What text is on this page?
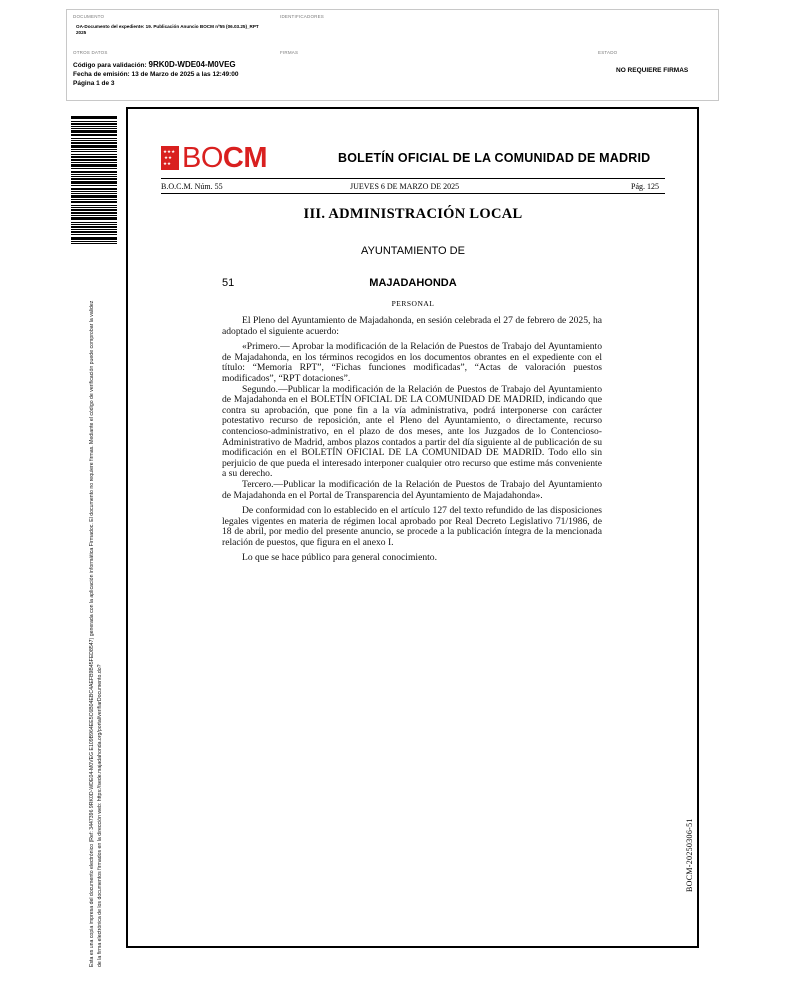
DOCUMENTO
OA-Documento del expediente: 19. Publicación Anuncio BOCM nº55 (06.03.25)_RPT 2025
IDENTIFICADORES
OTROS DATOS
Código para validación: 9RK0D-WDE04-M0VEG
Fecha de emisión: 13 de Marzo de 2025 a las 12:49:00
Página 1 de 3
FIRMAS	ESTADO
NO REQUIERE FIRMAS
Esta es una copia impresa del documento electrónico (Ref: 3447396 9RK0D-WDE04-M0VEG E109B964EE5C6B04EBC4AEFB9B45FED8547) generada con la aplicación informática Firmadoc. El documento no requiere firmas. Mediante el código de verificación puede comprobar la validez de la firma electrónica de los documentos firmados en la dirección web: https://sede.majadahonda.org/portal/verifiarDocumento.do?
★★★
★★
★★ BOCM	BOLETÍN OFICIAL DE LA COMUNIDAD DE MADRID
B.O.C.M. Núm. 55	JUEVES 6 DE MARZO DE 2025	Pág. 125
III. ADMINISTRACIÓN LOCAL
AYUNTAMIENTO DE
51	MAJADAHONDA
PERSONAL

El Pleno del Ayuntamiento de Majadahonda, en sesión celebrada el 27 de febrero de 2025, ha adoptado el siguiente acuerdo:

«Primero.— Aprobar la modificación de la Relación de Puestos de Trabajo del Ayuntamiento de Majadahonda, en los términos recogidos en los documentos obrantes en el expediente con el título: “Memoria RPT”, “Fichas funciones modificadas”, “Actas de valoración puestos modificados”, “RPT dotaciones”.

Segundo.—Publicar la modificación de la Relación de Puestos de Trabajo del Ayuntamiento de Majadahonda en el BOLETÍN OFICIAL DE LA COMUNIDAD DE MADRID, indicando que contra su aprobación, que pone fin a la vía administrativa, podrá interponerse con carácter potestativo recurso de reposición, ante el Pleno del Ayuntamiento, o directamente, recurso contencioso-administrativo, en el plazo de dos meses, ante los Juzgados de lo Contencioso-Administrativo de Madrid, ambos plazos contados a partir del día siguiente al de publicación de su modificación en el BOLETÍN OFICIAL DE LA COMUNIDAD DE MADRID. Todo ello sin perjuicio de que pueda el interesado interponer cualquier otro recurso que estime más conveniente a su derecho.

Tercero.—Publicar la modificación de la Relación de Puestos de Trabajo del Ayuntamiento de Majadahonda en el Portal de Transparencia del Ayuntamiento de Majadahonda».

De conformidad con lo establecido en el artículo 127 del texto refundido de las disposiciones legales vigentes en materia de régimen local aprobado por Real Decreto Legislativo 71/1986, de 18 de abril, por medio del presente anuncio, se procede a la publicación íntegra de la mencionada relación de puestos, que figura en el anexo I.

Lo que se hace público para general conocimiento.

BOCM-20250306-51
